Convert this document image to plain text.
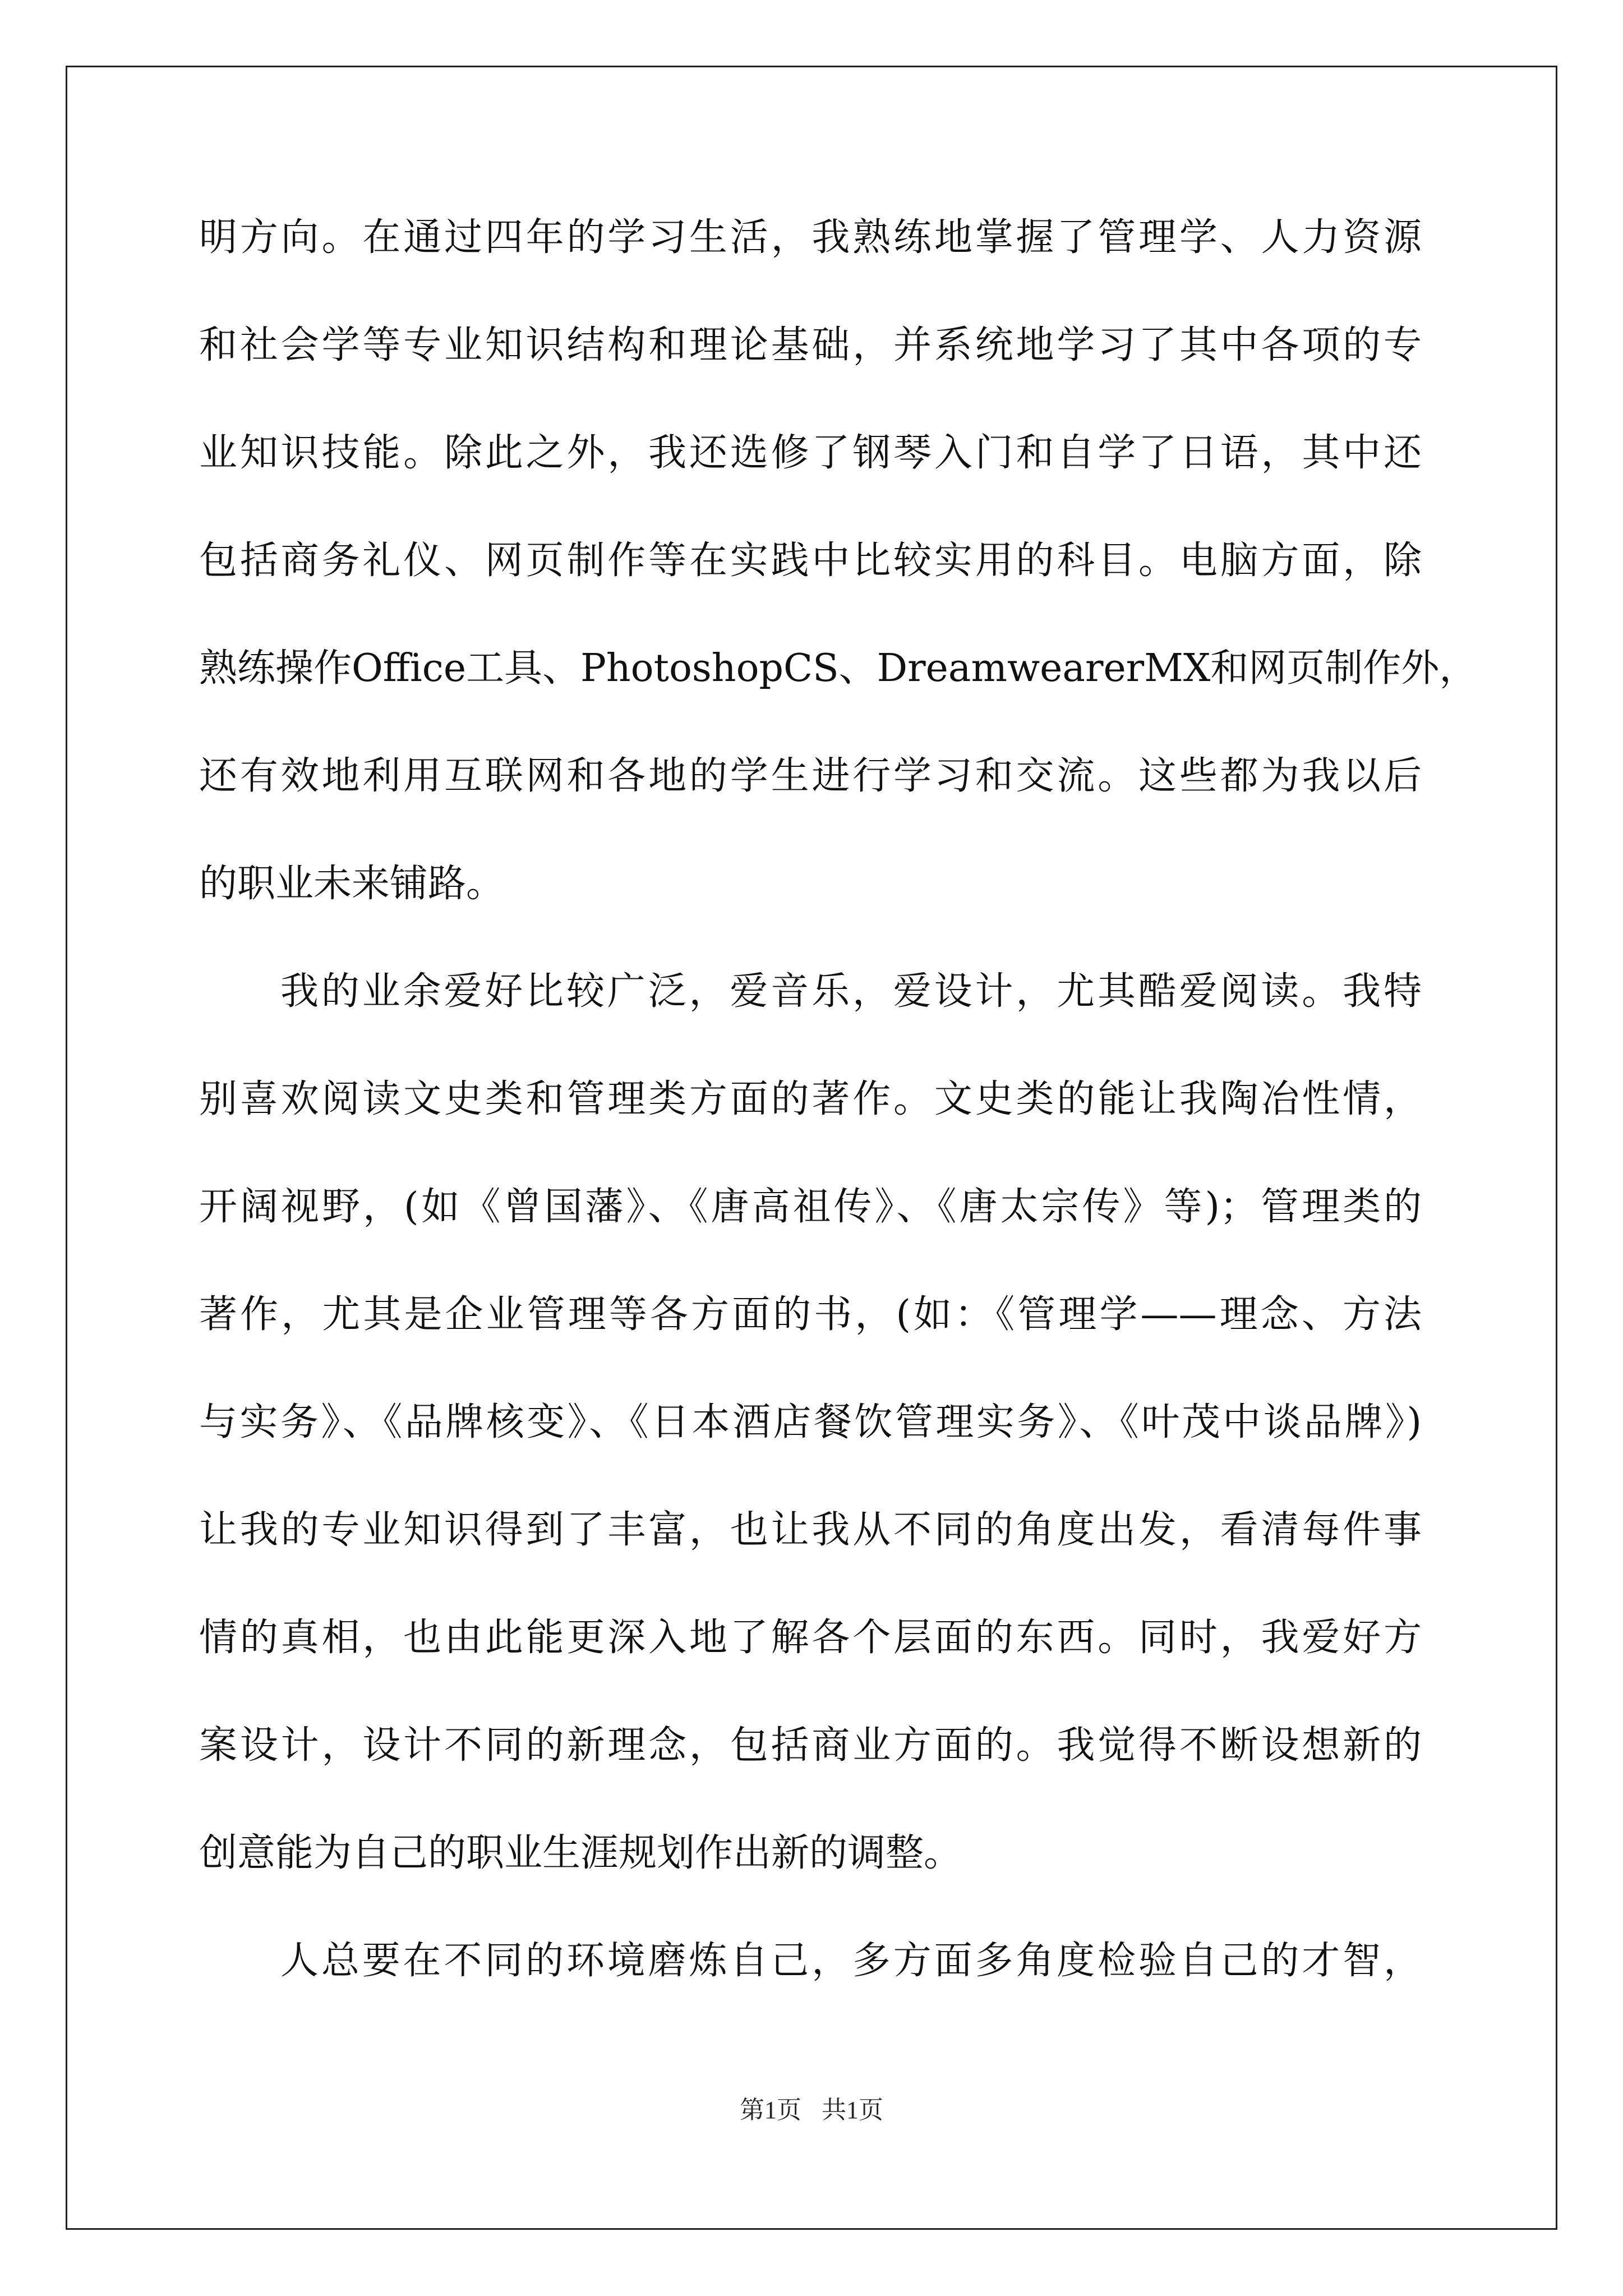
明方向。在通过四年的学习生活，我熟练地掌握了管理学、人力资源
和社会学等专业知识结构和理论基础，并系统地学习了其中各项的专
业知识技能。除此之外，我还选修了钢琴入门和自学了日语，其中还
包括商务礼仪、网页制作等在实践中比较实用的科目。电脑方面，除
熟练操作Office工具、PhotoshopCS、DreamwearerMX和网页制作外，
还有效地利用互联网和各地的学生进行学习和交流。这些都为我以后
的职业未来铺路。
我的业余爱好比较广泛，爱音乐，爱设计，尤其酷爱阅读。我特
别喜欢阅读文史类和管理类方面的著作。文史类的能让我陶冶性情，
开阔视野，(如《曾国藩》、《唐高祖传》、《唐太宗传》等)；管理类的
著作，尤其是企业管理等各方面的书，(如：《管理学——理念、方法
与实务》、《品牌核变》、《日本酒店餐饮管理实务》、《叶茂中谈品牌》)
让我的专业知识得到了丰富，也让我从不同的角度出发，看清每件事
情的真相，也由此能更深入地了解各个层面的东西。同时，我爱好方
案设计，设计不同的新理念，包括商业方面的。我觉得不断设想新的
创意能为自己的职业生涯规划作出新的调整。
人总要在不同的环境磨炼自己，多方面多角度检验自己的才智，
第1页 共1页
